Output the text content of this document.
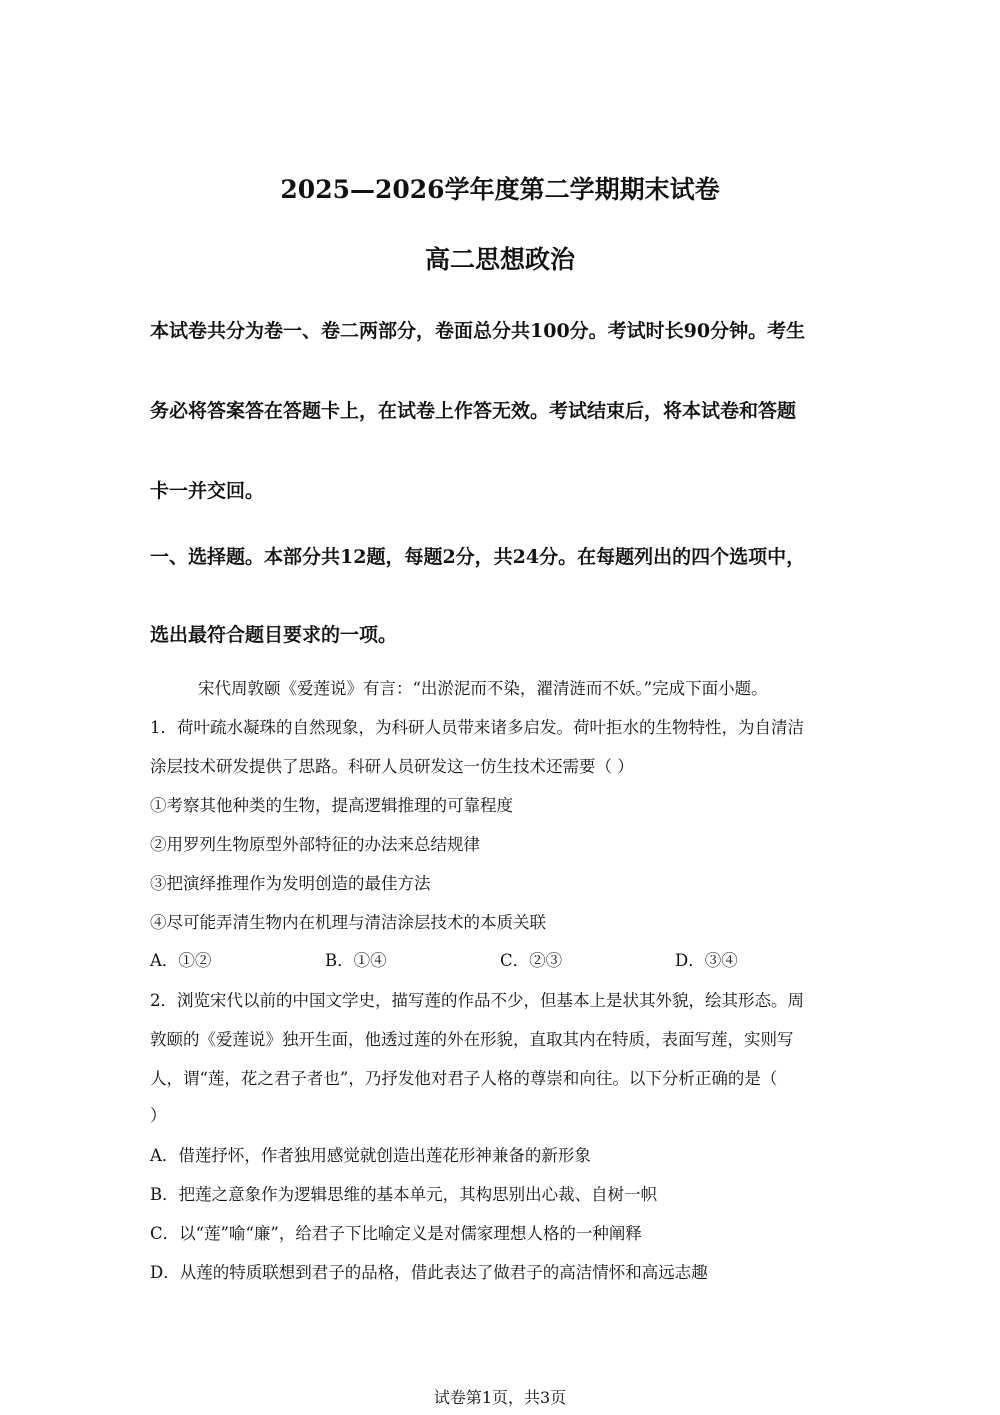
2025—2026学年度第二学期期末试卷
高二思想政治
本试卷共分为卷一、卷二两部分，卷面总分共100分。考试时长90分钟。考生
务必将答案答在答题卡上，在试卷上作答无效。考试结束后，将本试卷和答题
卡一并交回。
一、选择题。本部分共12题，每题2分，共24分。在每题列出的四个选项中，
选出最符合题目要求的一项。
宋代周敦颐《爱莲说》有言：“出淤泥而不染，濯清涟而不妖。”完成下面小题。
1．荷叶疏水凝珠的自然现象，为科研人员带来诸多启发。荷叶拒水的生物特性，为自清洁
涂层技术研发提供了思路。科研人员研发这一仿生技术还需要（ ）
①考察其他种类的生物，提高逻辑推理的可靠程度
②用罗列生物原型外部特征的办法来总结规律
③把演绎推理作为发明创造的最佳方法
④尽可能弄清生物内在机理与清洁涂层技术的本质关联
A．①②	B．①④	C．②③	D．③④
2．浏览宋代以前的中国文学史，描写莲的作品不少，但基本上是状其外貌，绘其形态。周
敦颐的《爱莲说》独开生面，他透过莲的外在形貌，直取其内在特质，表面写莲，实则写
人，谓“莲，花之君子者也”，乃抒发他对君子人格的尊崇和向往。以下分析正确的是（
）
A．借莲抒怀，作者独用感觉就创造出莲花形神兼备的新形象
B．把莲之意象作为逻辑思维的基本单元，其构思别出心裁、自树一帜
C．以“莲”喻“廉”，给君子下比喻定义是对儒家理想人格的一种阐释
D．从莲的特质联想到君子的品格，借此表达了做君子的高洁情怀和高远志趣
试卷第1页，共3页
